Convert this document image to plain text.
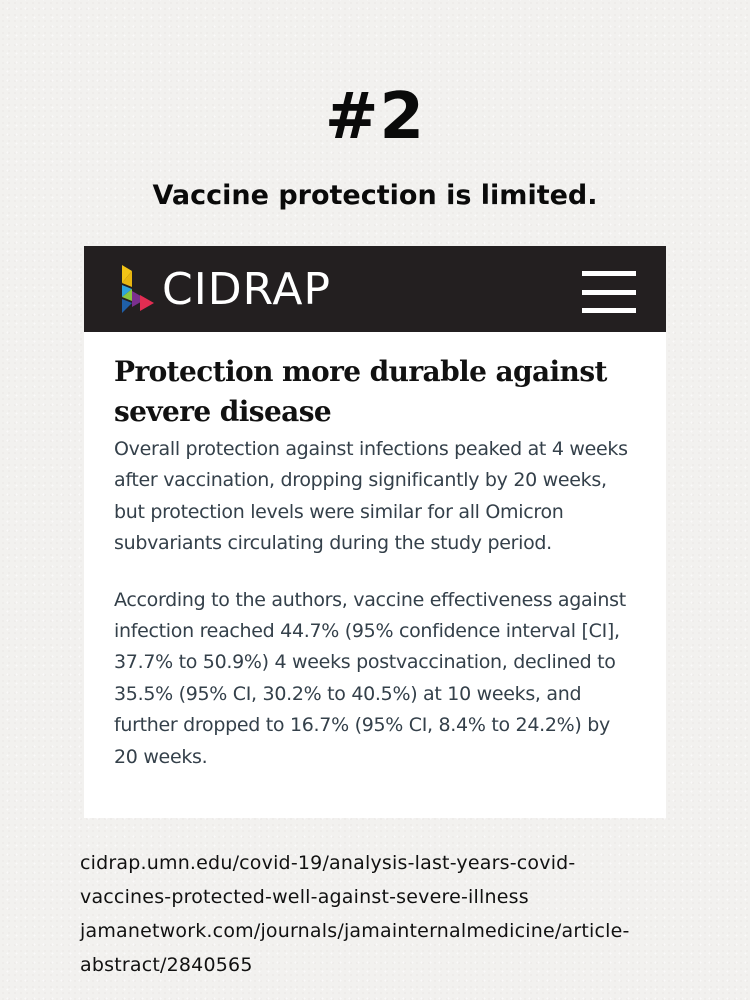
#2
Vaccine protection is limited.
CIDRAP
Protection more durable against severe disease

Overall protection against infections peaked at 4 weeks after vaccination, dropping significantly by 20 weeks, but protection levels were similar for all Omicron subvariants circulating during the study period.

According to the authors, vaccine effectiveness against infection reached 44.7% (95% confidence interval [CI], 37.7% to 50.9%) 4 weeks postvaccination, declined to 35.5% (95% CI, 30.2% to 40.5%) at 10 weeks, and further dropped to 16.7% (95% CI, 8.4% to 24.2%) by 20 weeks.

cidrap.umn.edu/covid-19/analysis-last-years-covid-
vaccines-protected-well-against-severe-illness
jamanetwork.com/journals/jamainternalmedicine/article-
abstract/2840565
